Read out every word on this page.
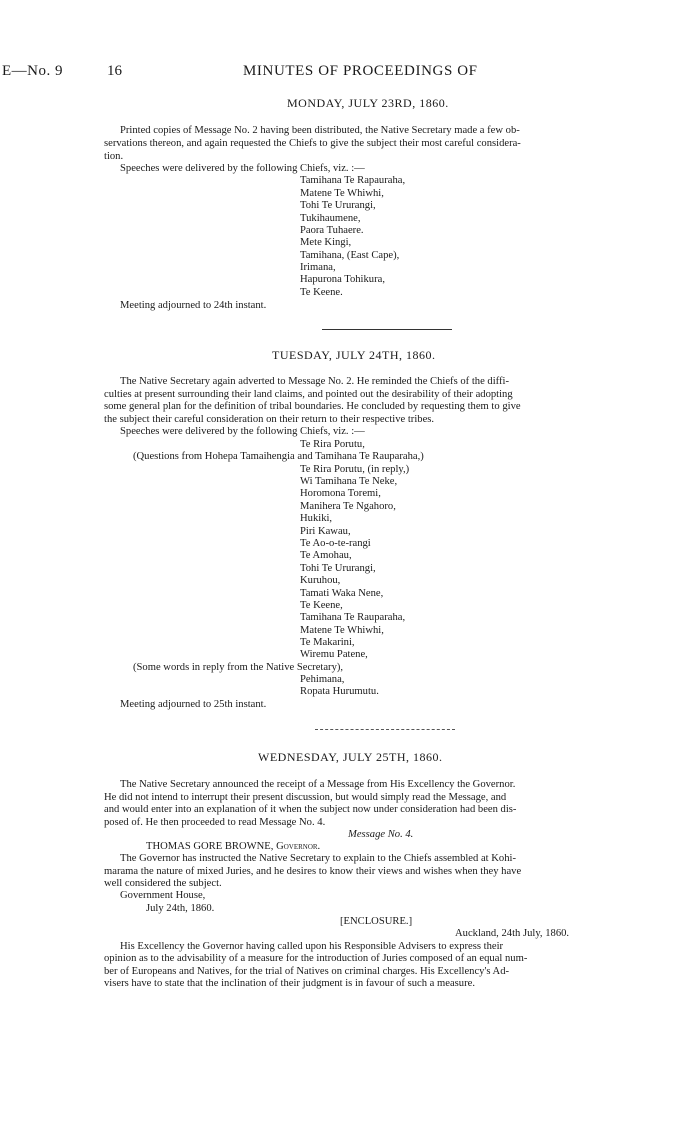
E—No. 9	16	MINUTES OF PROCEEDINGS OF
MONDAY, JULY 23RD, 1860.
Printed copies of Message No. 2 having been distributed, the Native Secretary made a few ob-
servations thereon, and again requested the Chiefs to give the subject their most careful considera-
tion.
Speeches were delivered by the following Chiefs, viz. :—
Tamihana Te Rapauraha,
Matene Te Whiwhi,
Tohi Te Ururangi,
Tukihaumene,
Paora Tuhaere.
Mete Kingi,
Tamihana, (East Cape),
Irimana,
Hapurona Tohikura,
Te Keene.
Meeting adjourned to 24th instant.
TUESDAY, JULY 24TH, 1860.
The Native Secretary again adverted to Message No. 2. He reminded the Chiefs of the diffi-
culties at present surrounding their land claims, and pointed out the desirability of their adopting
some general plan for the definition of tribal boundaries. He concluded by requesting them to give
the subject their careful consideration on their return to their respective tribes.
Speeches were delivered by the following Chiefs, viz. :—
Te Rira Porutu,
(Questions from Hohepa Tamaihengia and Tamihana Te Rauparaha,)
Te Rira Porutu, (in reply,)
Wi Tamihana Te Neke,
Horomona Toremi,
Manihera Te Ngahoro,
Hukiki,
Piri Kawau,
Te Ao-o-te-rangi
Te Amohau,
Tohi Te Ururangi,
Kuruhou,
Tamati Waka Nene,
Te Keene,
Tamihana Te Rauparaha,
Matene Te Whiwhi,
Te Makarini,
Wiremu Patene,
(Some words in reply from the Native Secretary),
Pehimana,
Ropata Hurumutu.
Meeting adjourned to 25th instant.
WEDNESDAY, JULY 25TH, 1860.
The Native Secretary announced the receipt of a Message from His Excellency the Governor.
He did not intend to interrupt their present discussion, but would simply read the Message, and
and would enter into an explanation of it when the subject now under consideration had been dis-
posed of. He then proceeded to read Message No. 4.
Message No. 4.
THOMAS GORE BROWNE, Governor.
The Governor has instructed the Native Secretary to explain to the Chiefs assembled at Kohi-
marama the nature of mixed Juries, and he desires to know their views and wishes when they have
well considered the subject.
Government House,
July 24th, 1860.
[ENCLOSURE.]
Auckland, 24th July, 1860.
His Excellency the Governor having called upon his Responsible Advisers to express their
opinion as to the advisability of a measure for the introduction of Juries composed of an equal num-
ber of Europeans and Natives, for the trial of Natives on criminal charges. His Excellency's Ad-
visers have to state that the inclination of their judgment is in favour of such a measure.
